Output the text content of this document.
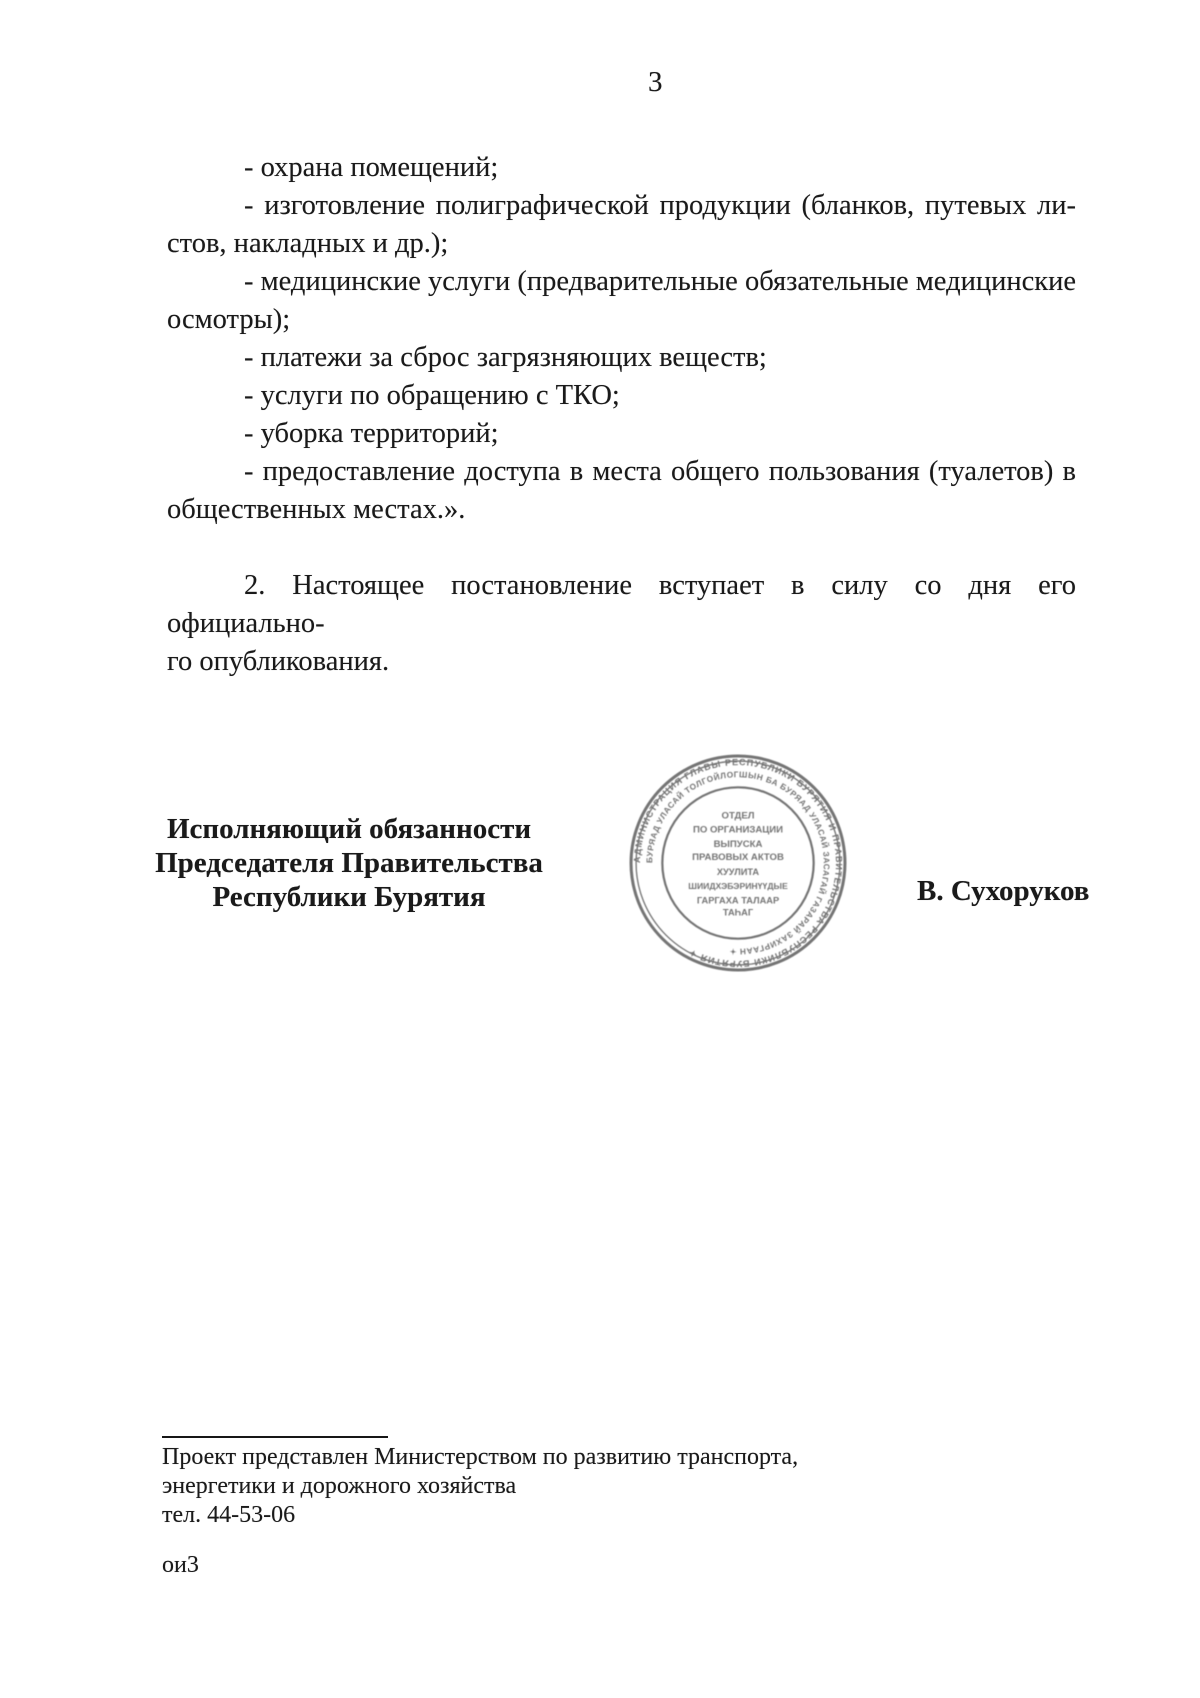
3
- охрана помещений;
- изготовление полиграфической продукции (бланков, путевых ли-
стов, накладных и др.);
- медицинские услуги (предварительные обязательные медицинские
осмотры);
- платежи за сброс загрязняющих веществ;
- услуги по обращению с ТКО;
- уборка территорий;
- предоставление доступа в места общего пользования (туалетов) в
общественных местах.».
2. Настоящее постановление вступает в силу со дня его официально-
го опубликования.
Исполняющий обязанности
Председателя Правительства
Республики Бурятия	В. Сухоруков
АДМИНИСТРАЦИЯ ГЛАВЫ РЕСПУБЛИКИ БУРЯТИЯ И ПРАВИТЕЛЬСТВА РЕСПУБЛИКИ БУРЯТИЯ ✦
БУРЯАД УЛАСАЙ ТОЛГОЙЛОГШЫН БА БУРЯАД УЛАСАЙ ЗАСАГАЙ ГАЗАРАЙ ЗАХИРГААН ✦
ОТДЕЛ
ПО ОРГАНИЗАЦИИ
ВЫПУСКА
ПРАВОВЫХ АКТОВ
ХУУЛИТА
ШИИДХЭБЭРИНҮҮДЫЕ
ГАРГАХА ТАЛААР
ТАҺАГ
Проект представлен Министерством по развитию транспорта,
энергетики и дорожного хозяйства
тел. 44-53-06
ои3
